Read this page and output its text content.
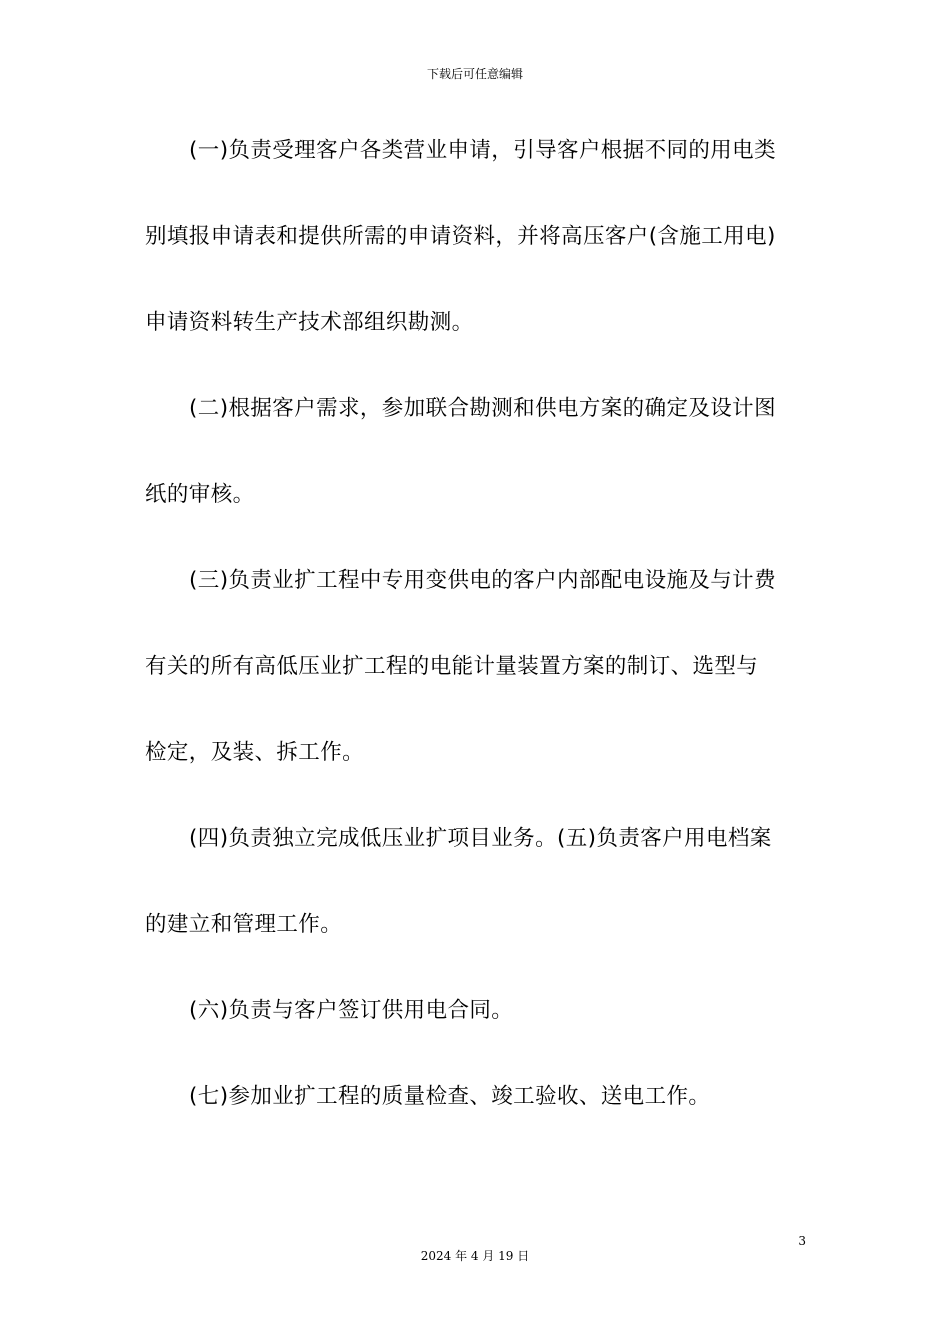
下载后可任意编辑
(一)负责受理客户各类营业申请，引导客户根据不同的用电类
别填报申请表和提供所需的申请资料，并将高压客户(含施工用电)
申请资料转生产技术部组织勘测。
(二)根据客户需求，参加联合勘测和供电方案的确定及设计图
纸的审核。
(三)负责业扩工程中专用变供电的客户内部配电设施及与计费
有关的所有高低压业扩工程的电能计量装置方案的制订、选型与
检定，及装、拆工作。
(四)负责独立完成低压业扩项目业务。(五)负责客户用电档案
的建立和管理工作。
(六)负责与客户签订供用电合同。
(七)参加业扩工程的质量检查、竣工验收、送电工作。
3
2024 年 4 月 19 日
